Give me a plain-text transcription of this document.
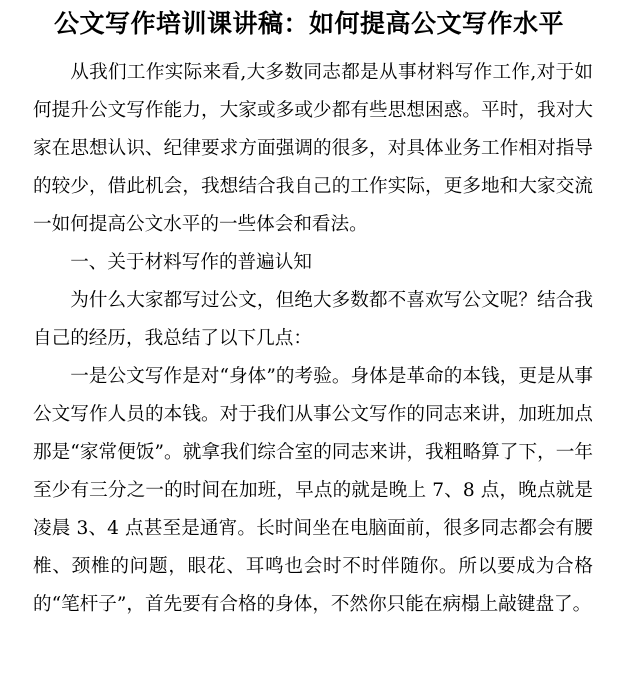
公文写作培训课讲稿：如何提高公文写作水平

从我们工作实际来看,大多数同志都是从事材料写作工作,对于如何提升公文写作能力，大家或多或少都有些思想困惑。平时，我对大家在思想认识、纪律要求方面强调的很多，对具体业务工作相对指导的较少，借此机会，我想结合我自己的工作实际，更多地和大家交流一如何提高公文水平的一些体会和看法。

一、关于材料写作的普遍认知

为什么大家都写过公文，但绝大多数都不喜欢写公文呢？结合我自己的经历，我总结了以下几点：

一是公文写作是对“身体”的考验。身体是革命的本钱，更是从事公文写作人员的本钱。对于我们从事公文写作的同志来讲，加班加点那是“家常便饭”。就拿我们综合室的同志来讲，我粗略算了下，一年至少有三分之一的时间在加班，早点的就是晚上 7、8 点，晚点就是凌晨 3、4 点甚至是通宵。长时间坐在电脑面前，很多同志都会有腰椎、颈椎的问题，眼花、耳鸣也会时不时伴随你。所以要成为合格的“笔杆子”，首先要有合格的身体，不然你只能在病榻上敲键盘了。
